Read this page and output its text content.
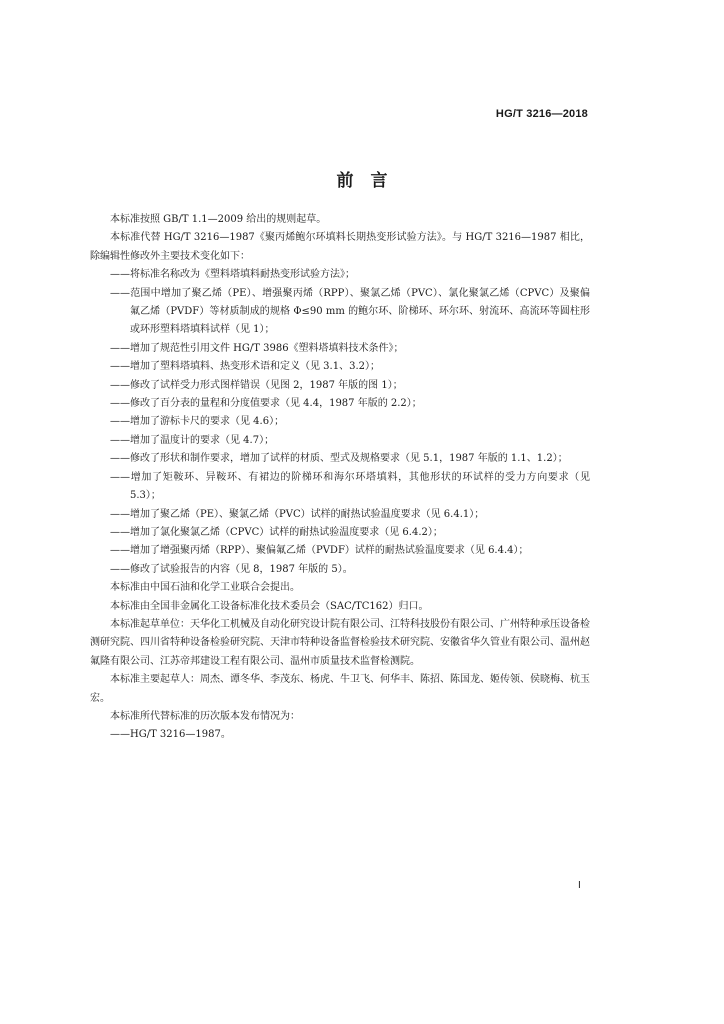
HG/T 3216—2018
前　言

本标准按照 GB/T 1.1—2009 给出的规则起草。

本标准代替 HG/T 3216—1987《聚丙烯鲍尔环填料长期热变形试验方法》。与 HG/T 3216—1987 相比，除编辑性修改外主要技术变化如下：

——将标准名称改为《塑料塔填料耐热变形试验方法》；

——范围中增加了聚乙烯（PE）、增强聚丙烯（RPP）、聚氯乙烯（PVC）、氯化聚氯乙烯（CPVC）及聚偏氟乙烯（PVDF）等材质制成的规格 Φ≤90 mm 的鲍尔环、阶梯环、环尔环、射流环、高流环等圆柱形或环形塑料塔填料试样（见 1）；

——增加了规范性引用文件 HG/T 3986《塑料塔填料技术条件》；

——增加了塑料塔填料、热变形术语和定义（见 3.1、3.2）；

——修改了试样受力形式图样错误（见图 2，1987 年版的图 1）；

——修改了百分表的量程和分度值要求（见 4.4，1987 年版的 2.2）；

——增加了游标卡尺的要求（见 4.6）；

——增加了温度计的要求（见 4.7）；

——修改了形状和制作要求，增加了试样的材质、型式及规格要求（见 5.1，1987 年版的 1.1、1.2）；

——增加了矩鞍环、异鞍环、有裙边的阶梯环和海尔环塔填料，其他形状的环试样的受力方向要求（见 5.3）；

——增加了聚乙烯（PE）、聚氯乙烯（PVC）试样的耐热试验温度要求（见 6.4.1）；

——增加了氯化聚氯乙烯（CPVC）试样的耐热试验温度要求（见 6.4.2）；

——增加了增强聚丙烯（RPP）、聚偏氟乙烯（PVDF）试样的耐热试验温度要求（见 6.4.4）；

——修改了试验报告的内容（见 8，1987 年版的 5）。

本标准由中国石油和化学工业联合会提出。

本标准由全国非金属化工设备标准化技术委员会（SAC/TC162）归口。

本标准起草单位：天华化工机械及自动化研究设计院有限公司、江特科技股份有限公司、广州特种承压设备检测研究院、四川省特种设备检验研究院、天津市特种设备监督检验技术研究院、安徽省华久管业有限公司、温州赵氟隆有限公司、江苏帝邦建设工程有限公司、温州市质量技术监督检测院。

本标准主要起草人：周杰、谭冬华、李茂东、杨虎、牛卫飞、何华丰、陈招、陈国龙、姬传领、侯晓梅、杭玉宏。

本标准所代替标准的历次版本发布情况为：

——HG/T 3216—1987。

I
